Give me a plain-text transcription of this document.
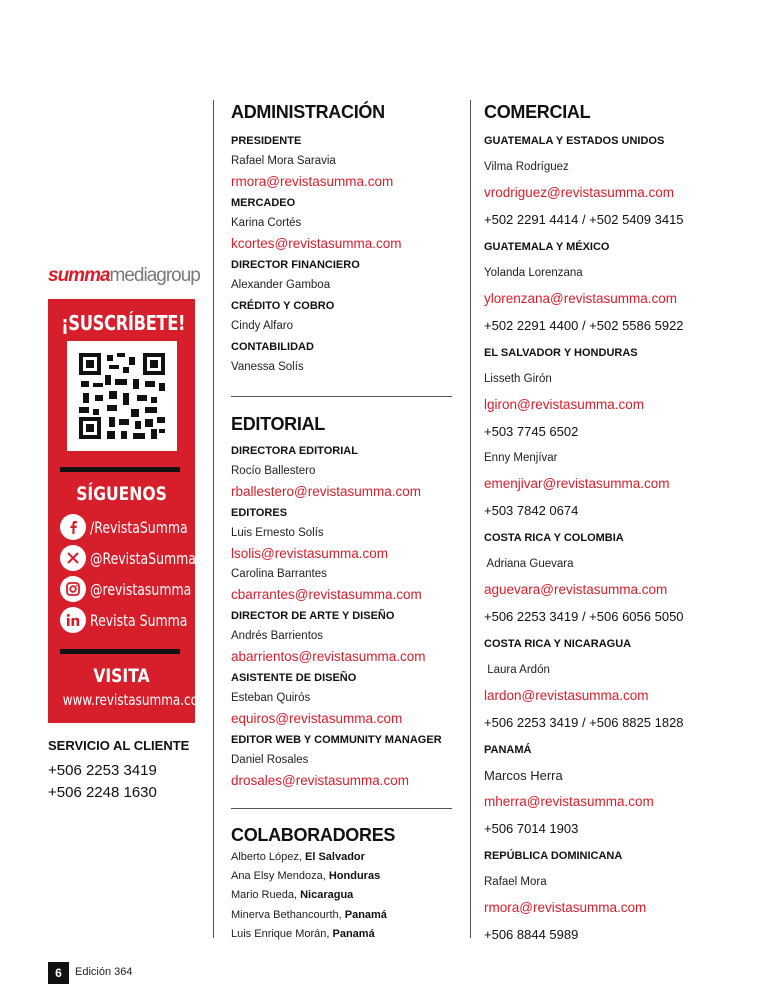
summamediagroup
¡SUSCRÍBETE!
SÍGUENOS
/RevistaSumma
@RevistaSumma
@revistasumma
Revista Summa
VISITA
www.revistasumma.com
SERVICIO AL CLIENTE
+506 2253 3419
+506 2248 1630
ADMINISTRACIÓN
PRESIDENTE
Rafael Mora Saravia
rmora@revistasumma.com
MERCADEO
Karina Cortés
kcortes@revistasumma.com
DIRECTOR FINANCIERO
Alexander Gamboa
CRÉDITO Y COBRO
Cindy Alfaro
CONTABILIDAD
Vanessa Solís
EDITORIAL
DIRECTORA EDITORIAL
Rocío Ballestero
rballestero@revistasumma.com
EDITORES
Luis Ernesto Solís
lsolis@revistasumma.com
Carolina Barrantes
cbarrantes@revistasumma.com
DIRECTOR DE ARTE Y DISEÑO
Andrés Barrientos
abarrientos@revistasumma.com
ASISTENTE DE DISEÑO
Esteban Quirós
equiros@revistasumma.com
EDITOR WEB Y COMMUNITY MANAGER
Daniel Rosales
drosales@revistasumma.com
COLABORADORES
Alberto López, El Salvador
Ana Elsy Mendoza, Honduras
Mario Rueda, Nicaragua
Minerva Bethancourth, Panamá
Luis Enrique Morán, Panamá
COMERCIAL
GUATEMALA Y ESTADOS UNIDOS
Vilma Rodríguez
vrodriguez@revistasumma.com
+502 2291 4414 / +502 5409 3415
GUATEMALA Y MÉXICO
Yolanda Lorenzana
ylorenzana@revistasumma.com
+502 2291 4400 / +502 5586 5922
EL SALVADOR Y HONDURAS
Lisseth Girón
lgiron@revistasumma.com
+503 7745 6502
Enny Menjívar
emenjivar@revistasumma.com
+503 7842 0674
COSTA RICA Y COLOMBIA
Adriana Guevara
aguevara@revistasumma.com
+506 2253 3419 / +506 6056 5050
COSTA RICA Y NICARAGUA
Laura Ardón
lardon@revistasumma.com
+506 2253 3419 / +506 8825 1828
PANAMÁ
Marcos Herra
mherra@revistasumma.com
+506 7014 1903
REPÚBLICA DOMINICANA
Rafael Mora
rmora@revistasumma.com
+506 8844 5989
6	Edición 364
